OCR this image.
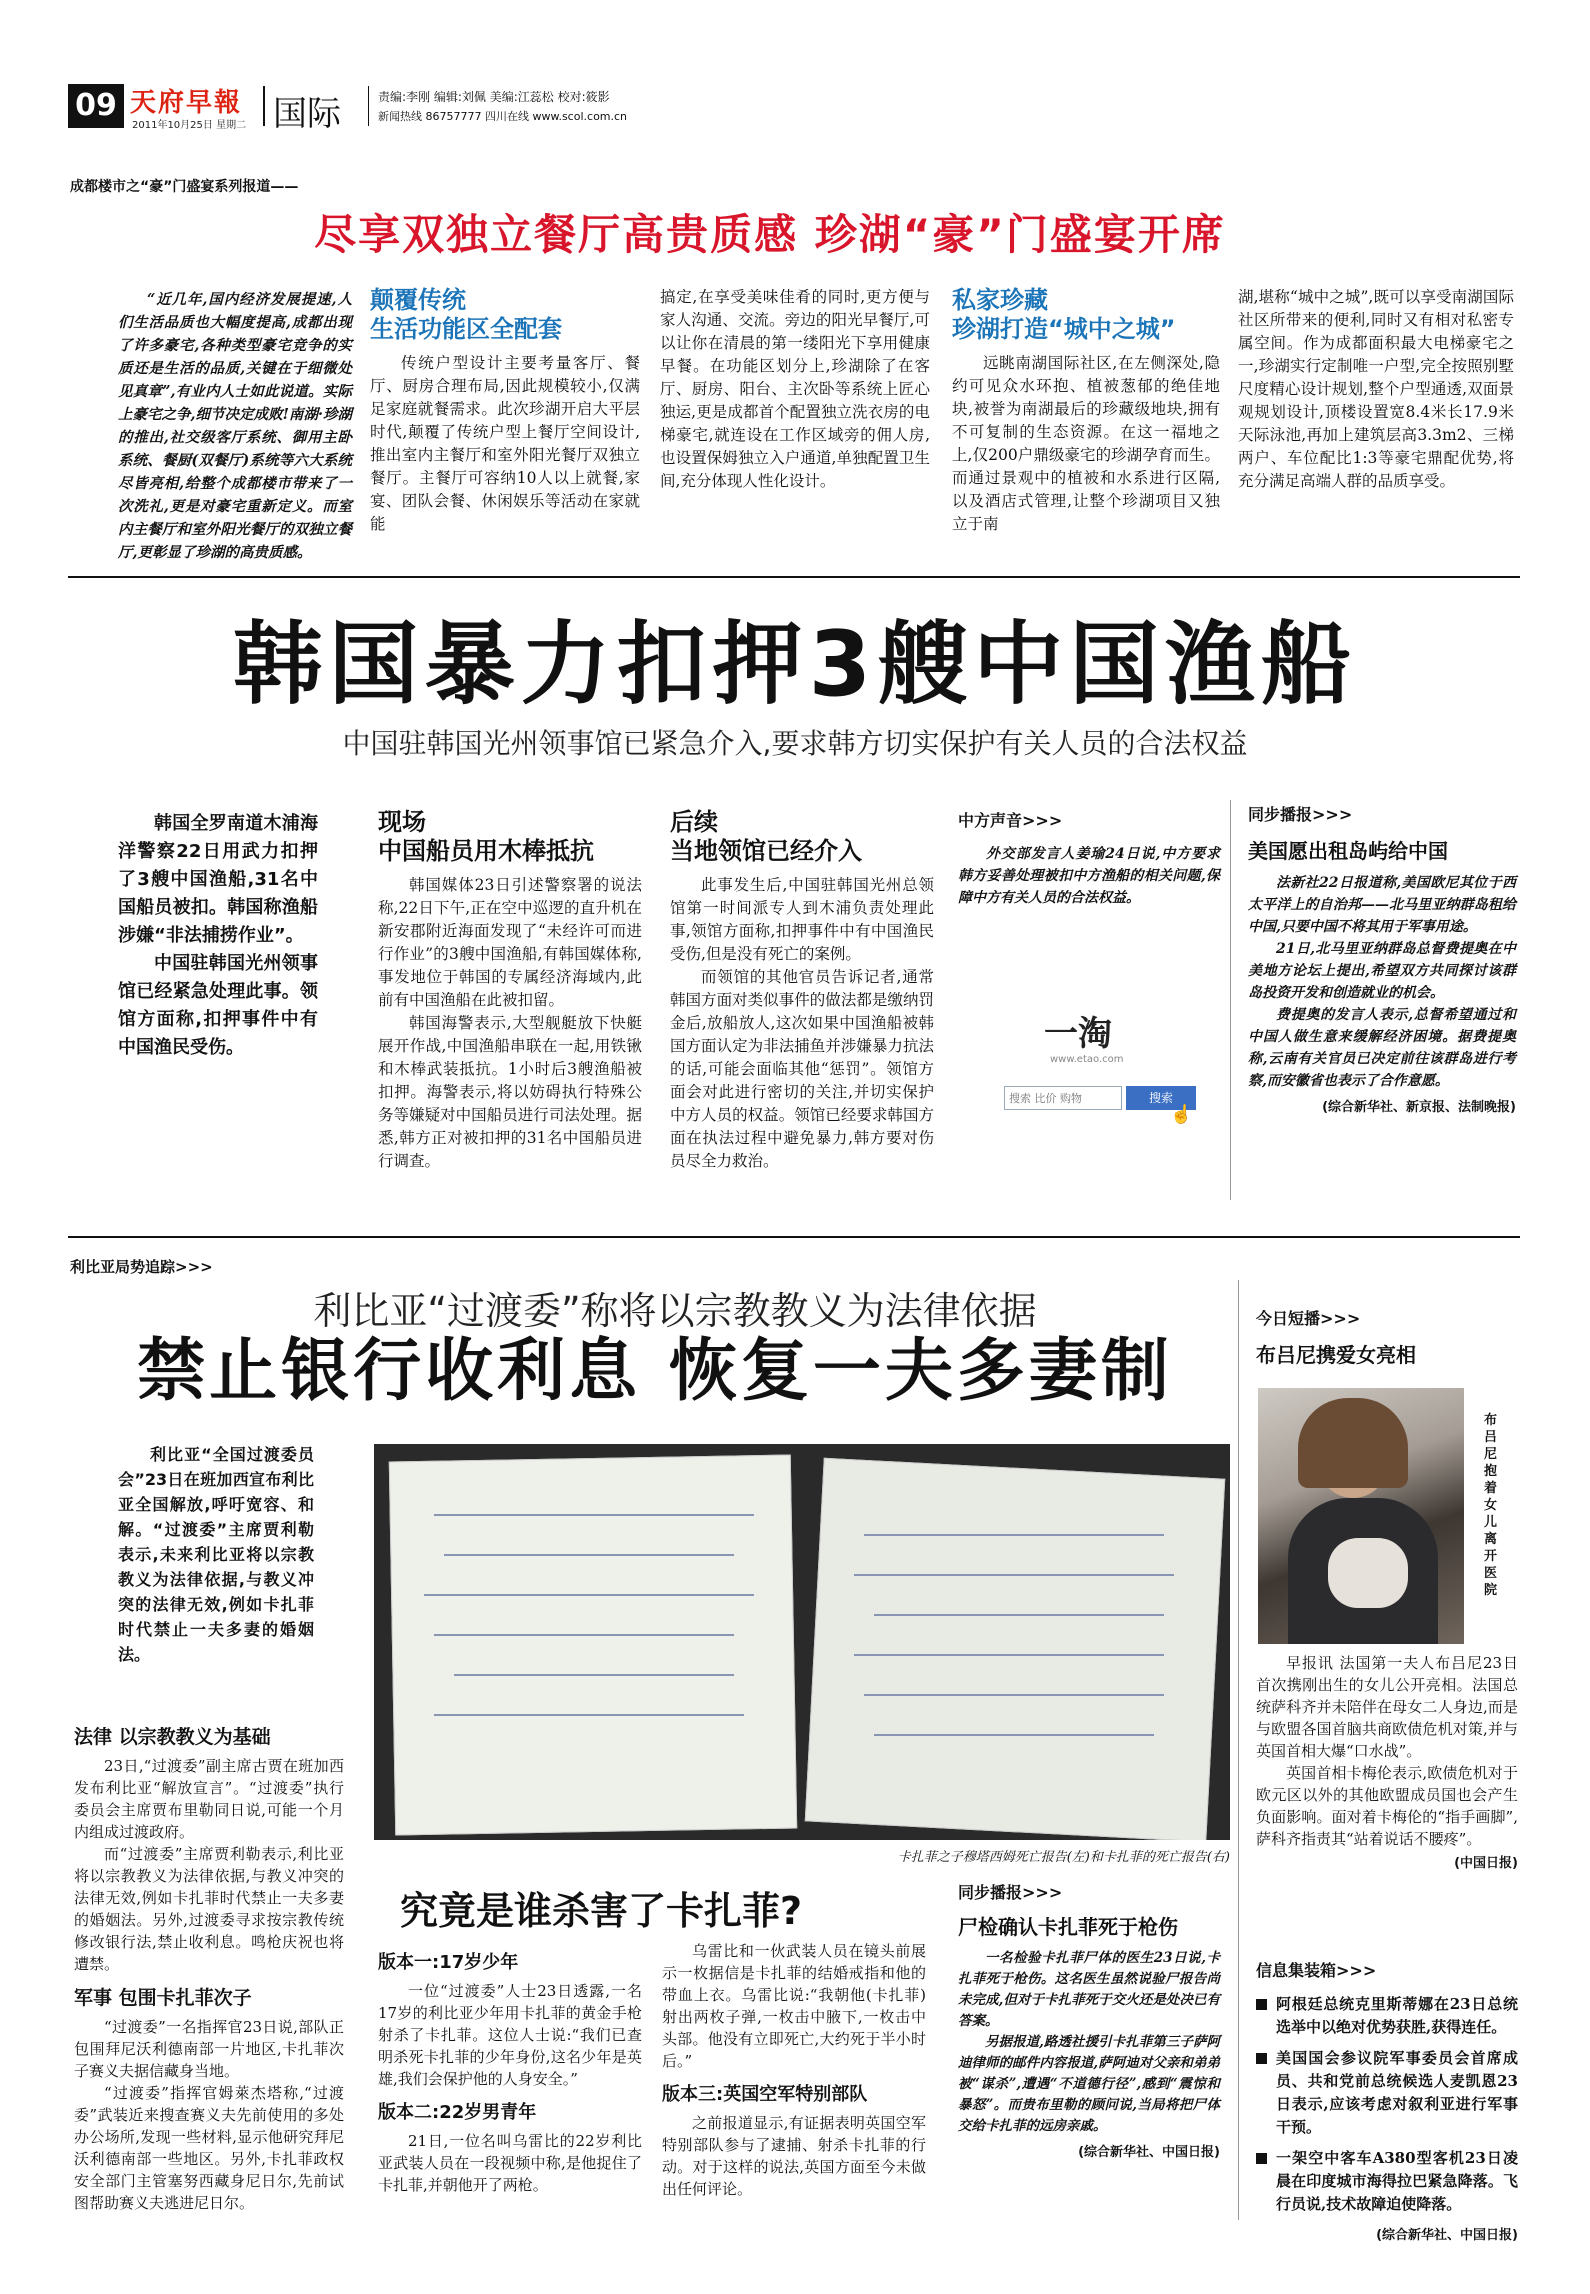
09 天府早報
2011年10月25日 星期二 国际	责编:李刚 编辑:刘佩 美编:江蕊松 校对:筱影
新闻热线 86757777 四川在线 www.scol.com.cn
成都楼市之“豪”门盛宴系列报道——
尽享双独立餐厅高贵质感 珍湖“豪”门盛宴开席

“近几年,国内经济发展提速,人们生活品质也大幅度提高,成都出现了许多豪宅,各种类型豪宅竞争的实质还是生活的品质,关键在于细微处见真章”,有业内人士如此说道。实际上豪宅之争,细节决定成败!南湖·珍湖的推出,社交级客厅系统、御用主卧系统、餐厨(双餐厅)系统等六大系统尽皆亮相,给整个成都楼市带来了一次洗礼,更是对豪宅重新定义。而室内主餐厅和室外阳光餐厅的双独立餐厅,更彰显了珍湖的高贵质感。

颠覆传统
生活功能区全配套

传统户型设计主要考量客厅、餐厅、厨房合理布局,因此规模较小,仅满足家庭就餐需求。此次珍湖开启大平层时代,颠覆了传统户型上餐厅空间设计,推出室内主餐厅和室外阳光餐厅双独立餐厅。主餐厅可容纳10人以上就餐,家宴、团队会餐、休闲娱乐等活动在家就能

搞定,在享受美味佳肴的同时,更方便与家人沟通、交流。旁边的阳光早餐厅,可以让你在清晨的第一缕阳光下享用健康早餐。在功能区划分上,珍湖除了在客厅、厨房、阳台、主次卧等系统上匠心独运,更是成都首个配置独立洗衣房的电梯豪宅,就连设在工作区域旁的佣人房,也设置保姆独立入户通道,单独配置卫生间,充分体现人性化设计。

私家珍藏
珍湖打造“城中之城”

远眺南湖国际社区,在左侧深处,隐约可见众水环抱、植被葱郁的绝佳地块,被誉为南湖最后的珍藏级地块,拥有不可复制的生态资源。在这一福地之上,仅200户鼎级豪宅的珍湖孕育而生。而通过景观中的植被和水系进行区隔,以及酒店式管理,让整个珍湖项目又独立于南

湖,堪称“城中之城”,既可以享受南湖国际社区所带来的便利,同时又有相对私密专属空间。作为成都面积最大电梯豪宅之一,珍湖实行定制唯一户型,完全按照别墅尺度精心设计规划,整个户型通透,双面景观规划设计,顶楼设置宽8.4米长17.9米天际泳池,再加上建筑层高3.3m2、三梯两户、车位配比1:3等豪宅鼎配优势,将充分满足高端人群的品质享受。

韩国暴力扣押3艘中国渔船
中国驻韩国光州领事馆已紧急介入,要求韩方切实保护有关人员的合法权益

韩国全罗南道木浦海洋警察22日用武力扣押了3艘中国渔船,31名中国船员被扣。韩国称渔船涉嫌“非法捕捞作业”。

中国驻韩国光州领事馆已经紧急处理此事。领馆方面称,扣押事件中有中国渔民受伤。

现场
中国船员用木棒抵抗

韩国媒体23日引述警察署的说法称,22日下午,正在空中巡逻的直升机在新安郡附近海面发现了“未经许可而进行作业”的3艘中国渔船,有韩国媒体称,事发地位于韩国的专属经济海域内,此前有中国渔船在此被扣留。

韩国海警表示,大型舰艇放下快艇展开作战,中国渔船串联在一起,用铁锹和木棒武装抵抗。1小时后3艘渔船被扣押。海警表示,将以妨碍执行特殊公务等嫌疑对中国船员进行司法处理。据悉,韩方正对被扣押的31名中国船员进行调查。

后续
当地领馆已经介入

此事发生后,中国驻韩国光州总领馆第一时间派专人到木浦负责处理此事,领馆方面称,扣押事件中有中国渔民受伤,但是没有死亡的案例。

而领馆的其他官员告诉记者,通常韩国方面对类似事件的做法都是缴纳罚金后,放船放人,这次如果中国渔船被韩国方面认定为非法捕鱼并涉嫌暴力抗法的话,可能会面临其他“惩罚”。领馆方面会对此进行密切的关注,并切实保护中方人员的权益。领馆已经要求韩国方面在执法过程中避免暴力,韩方要对伤员尽全力救治。

中方声音>>>

外交部发言人姜瑜24日说,中方要求韩方妥善处理被扣中方渔船的相关问题,保障中方有关人员的合法权益。

一淘
www.etao.com
搜索 比价 购物
搜索
☝
同步播报>>>
美国愿出租岛屿给中国

法新社22日报道称,美国欧尼其位于西太平洋上的自治邦——北马里亚纳群岛租给中国,只要中国不将其用于军事用途。

21日,北马里亚纳群岛总督费提奥在中美地方论坛上提出,希望双方共同探讨该群岛投资开发和创造就业的机会。

费提奥的发言人表示,总督希望通过和中国人做生意来缓解经济困境。据费提奥称,云南有关官员已决定前往该群岛进行考察,而安徽省也表示了合作意愿。

(综合新华社、新京报、法制晚报)
利比亚局势追踪>>>
利比亚“过渡委”称将以宗教教义为法律依据
禁止银行收利息 恢复一夫多妻制

利比亚“全国过渡委员会”23日在班加西宣布利比亚全国解放,呼吁宽容、和解。“过渡委”主席贾利勒表示,未来利比亚将以宗教教义为法律依据,与教义冲突的法律无效,例如卡扎菲时代禁止一夫多妻的婚姻法。

卡扎菲之子穆塔西姆死亡报告(左)和卡扎菲的死亡报告(右)
法律 以宗教教义为基础

23日,“过渡委”副主席古贾在班加西发布利比亚“解放宣言”。“过渡委”执行委员会主席贾布里勒同日说,可能一个月内组成过渡政府。

而“过渡委”主席贾利勒表示,利比亚将以宗教教义为法律依据,与教义冲突的法律无效,例如卡扎菲时代禁止一夫多妻的婚姻法。另外,过渡委寻求按宗教传统修改银行法,禁止收利息。鸣枪庆祝也将遭禁。

军事 包围卡扎菲次子

“过渡委”一名指挥官23日说,部队正包围拜尼沃利德南部一片地区,卡扎菲次子赛义夫据信藏身当地。

“过渡委”指挥官姆萊杰塔称,“过渡委”武装近来搜查赛义夫先前使用的多处办公场所,发现一些材料,显示他研究拜尼沃利德南部一些地区。另外,卡扎菲政权安全部门主管塞努西藏身尼日尔,先前试图帮助赛义夫逃进尼日尔。

究竟是谁杀害了卡扎菲?
版本一:17岁少年

一位“过渡委”人士23日透露,一名17岁的利比亚少年用卡扎菲的黄金手枪射杀了卡扎菲。这位人士说:“我们已查明杀死卡扎菲的少年身份,这名少年是英雄,我们会保护他的人身安全。”

版本二:22岁男青年

21日,一位名叫乌雷比的22岁利比亚武装人员在一段视频中称,是他捉住了卡扎菲,并朝他开了两枪。

乌雷比和一伙武装人员在镜头前展示一枚据信是卡扎菲的结婚戒指和他的带血上衣。乌雷比说:“我朝他(卡扎菲)射出两枚子弹,一枚击中腋下,一枚击中头部。他没有立即死亡,大约死于半小时后。”

版本三:英国空军特别部队

之前报道显示,有证据表明英国空军特别部队参与了逮捕、射杀卡扎菲的行动。对于这样的说法,英国方面至今未做出任何评论。

同步播报>>>
尸检确认卡扎菲死于枪伤

一名检验卡扎菲尸体的医生23日说,卡扎菲死于枪伤。这名医生虽然说验尸报告尚未完成,但对于卡扎菲死于交火还是处决已有答案。

另据报道,路透社援引卡扎菲第三子萨阿迪律师的邮件内容报道,萨阿迪对父亲和弟弟被“谋杀”,遭遇“不道德行径”,感到“震惊和暴怒”。而贵布里勒的顾问说,当局将把尸体交给卡扎菲的远房亲戚。

(综合新华社、中国日报)
今日短播>>>
布吕尼携爱女亮相
布吕尼抱着女儿离开医院

早报讯 法国第一夫人布吕尼23日首次携刚出生的女儿公开亮相。法国总统萨科齐并未陪伴在母女二人身边,而是与欧盟各国首脑共商欧债危机对策,并与英国首相大爆“口水战”。

英国首相卡梅伦表示,欧债危机对于欧元区以外的其他欧盟成员国也会产生负面影响。面对着卡梅伦的“指手画脚”,萨科齐指责其“站着说话不腰疼”。

(中国日报)
信息集装箱>>>
阿根廷总统克里斯蒂娜在23日总统选举中以绝对优势获胜,获得连任。
美国国会参议院军事委员会首席成员、共和党前总统候选人麦凯恩23日表示,应该考虑对叙利亚进行军事干预。
一架空中客车A380型客机23日凌晨在印度城市海得拉巴紧急降落。飞行员说,技术故障迫使降落。
(综合新华社、中国日报)
